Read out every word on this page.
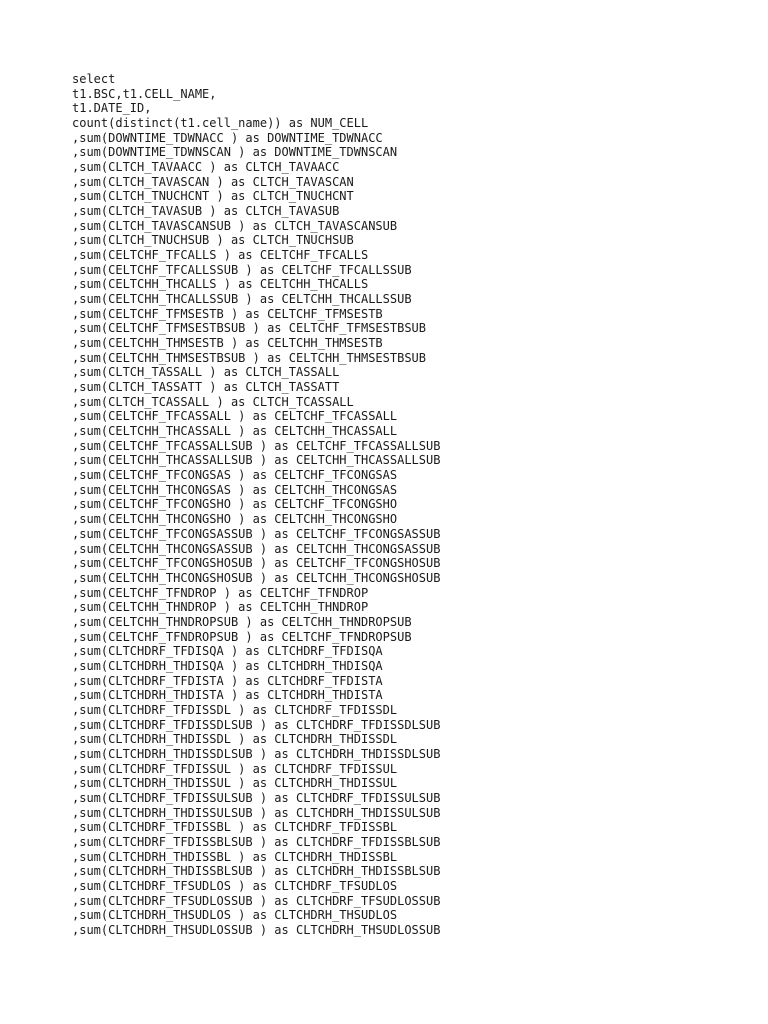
select
t1.BSC,t1.CELL_NAME,
t1.DATE_ID,
count(distinct(t1.cell_name)) as NUM_CELL
,sum(DOWNTIME_TDWNACC ) as DOWNTIME_TDWNACC
,sum(DOWNTIME_TDWNSCAN ) as DOWNTIME_TDWNSCAN
,sum(CLTCH_TAVAACC ) as CLTCH_TAVAACC
,sum(CLTCH_TAVASCAN ) as CLTCH_TAVASCAN
,sum(CLTCH_TNUCHCNT ) as CLTCH_TNUCHCNT
,sum(CLTCH_TAVASUB ) as CLTCH_TAVASUB
,sum(CLTCH_TAVASCANSUB ) as CLTCH_TAVASCANSUB
,sum(CLTCH_TNUCHSUB ) as CLTCH_TNUCHSUB
,sum(CELTCHF_TFCALLS ) as CELTCHF_TFCALLS
,sum(CELTCHF_TFCALLSSUB ) as CELTCHF_TFCALLSSUB
,sum(CELTCHH_THCALLS ) as CELTCHH_THCALLS
,sum(CELTCHH_THCALLSSUB ) as CELTCHH_THCALLSSUB
,sum(CELTCHF_TFMSESTB ) as CELTCHF_TFMSESTB
,sum(CELTCHF_TFMSESTBSUB ) as CELTCHF_TFMSESTBSUB
,sum(CELTCHH_THMSESTB ) as CELTCHH_THMSESTB
,sum(CELTCHH_THMSESTBSUB ) as CELTCHH_THMSESTBSUB
,sum(CLTCH_TASSALL ) as CLTCH_TASSALL
,sum(CLTCH_TASSATT ) as CLTCH_TASSATT
,sum(CLTCH_TCASSALL ) as CLTCH_TCASSALL
,sum(CELTCHF_TFCASSALL ) as CELTCHF_TFCASSALL
,sum(CELTCHH_THCASSALL ) as CELTCHH_THCASSALL
,sum(CELTCHF_TFCASSALLSUB ) as CELTCHF_TFCASSALLSUB
,sum(CELTCHH_THCASSALLSUB ) as CELTCHH_THCASSALLSUB
,sum(CELTCHF_TFCONGSAS ) as CELTCHF_TFCONGSAS
,sum(CELTCHH_THCONGSAS ) as CELTCHH_THCONGSAS
,sum(CELTCHF_TFCONGSHO ) as CELTCHF_TFCONGSHO
,sum(CELTCHH_THCONGSHO ) as CELTCHH_THCONGSHO
,sum(CELTCHF_TFCONGSASSUB ) as CELTCHF_TFCONGSASSUB
,sum(CELTCHH_THCONGSASSUB ) as CELTCHH_THCONGSASSUB
,sum(CELTCHF_TFCONGSHOSUB ) as CELTCHF_TFCONGSHOSUB
,sum(CELTCHH_THCONGSHOSUB ) as CELTCHH_THCONGSHOSUB
,sum(CELTCHF_TFNDROP ) as CELTCHF_TFNDROP
,sum(CELTCHH_THNDROP ) as CELTCHH_THNDROP
,sum(CELTCHH_THNDROPSUB ) as CELTCHH_THNDROPSUB
,sum(CELTCHF_TFNDROPSUB ) as CELTCHF_TFNDROPSUB
,sum(CLTCHDRF_TFDISQA ) as CLTCHDRF_TFDISQA
,sum(CLTCHDRH_THDISQA ) as CLTCHDRH_THDISQA
,sum(CLTCHDRF_TFDISTA ) as CLTCHDRF_TFDISTA
,sum(CLTCHDRH_THDISTA ) as CLTCHDRH_THDISTA
,sum(CLTCHDRF_TFDISSDL ) as CLTCHDRF_TFDISSDL
,sum(CLTCHDRF_TFDISSDLSUB ) as CLTCHDRF_TFDISSDLSUB
,sum(CLTCHDRH_THDISSDL ) as CLTCHDRH_THDISSDL
,sum(CLTCHDRH_THDISSDLSUB ) as CLTCHDRH_THDISSDLSUB
,sum(CLTCHDRF_TFDISSUL ) as CLTCHDRF_TFDISSUL
,sum(CLTCHDRH_THDISSUL ) as CLTCHDRH_THDISSUL
,sum(CLTCHDRF_TFDISSULSUB ) as CLTCHDRF_TFDISSULSUB
,sum(CLTCHDRH_THDISSULSUB ) as CLTCHDRH_THDISSULSUB
,sum(CLTCHDRF_TFDISSBL ) as CLTCHDRF_TFDISSBL
,sum(CLTCHDRF_TFDISSBLSUB ) as CLTCHDRF_TFDISSBLSUB
,sum(CLTCHDRH_THDISSBL ) as CLTCHDRH_THDISSBL
,sum(CLTCHDRH_THDISSBLSUB ) as CLTCHDRH_THDISSBLSUB
,sum(CLTCHDRF_TFSUDLOS ) as CLTCHDRF_TFSUDLOS
,sum(CLTCHDRF_TFSUDLOSSUB ) as CLTCHDRF_TFSUDLOSSUB
,sum(CLTCHDRH_THSUDLOS ) as CLTCHDRH_THSUDLOS
,sum(CLTCHDRH_THSUDLOSSUB ) as CLTCHDRH_THSUDLOSSUB
